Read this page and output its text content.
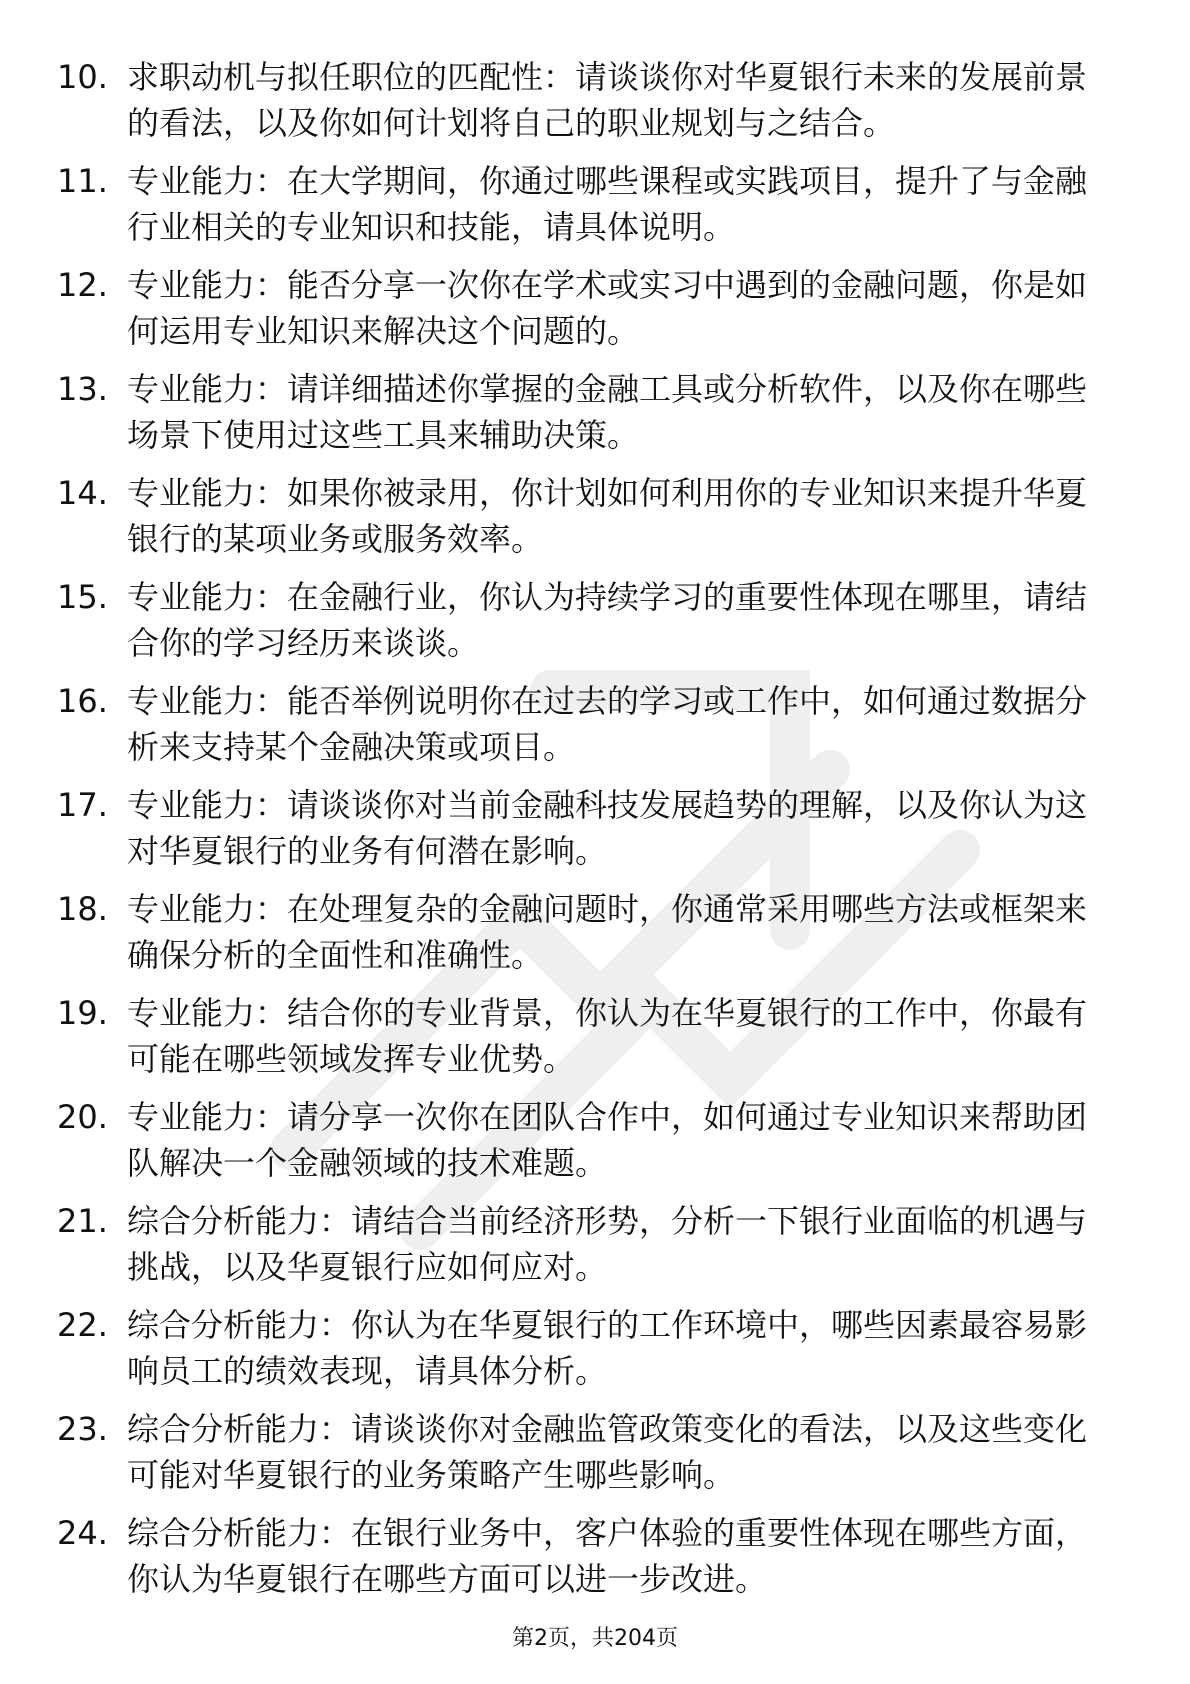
10. 求职动机与拟任职位的匹配性：请谈谈你对华夏银行未来的发展前景的看法，以及你如何计划将自己的职业规划与之结合。

11. 专业能力：在大学期间，你通过哪些课程或实践项目，提升了与金融行业相关的专业知识和技能，请具体说明。

12. 专业能力：能否分享一次你在学术或实习中遇到的金融问题，你是如何运用专业知识来解决这个问题的。

13. 专业能力：请详细描述你掌握的金融工具或分析软件，以及你在哪些场景下使用过这些工具来辅助决策。

14. 专业能力：如果你被录用，你计划如何利用你的专业知识来提升华夏银行的某项业务或服务效率。

15. 专业能力：在金融行业，你认为持续学习的重要性体现在哪里，请结合你的学习经历来谈谈。

16. 专业能力：能否举例说明你在过去的学习或工作中，如何通过数据分析来支持某个金融决策或项目。

17. 专业能力：请谈谈你对当前金融科技发展趋势的理解，以及你认为这对华夏银行的业务有何潜在影响。

18. 专业能力：在处理复杂的金融问题时，你通常采用哪些方法或框架来确保分析的全面性和准确性。

19. 专业能力：结合你的专业背景，你认为在华夏银行的工作中，你最有可能在哪些领域发挥专业优势。

20. 专业能力：请分享一次你在团队合作中，如何通过专业知识来帮助团队解决一个金融领域的技术难题。

21. 综合分析能力：请结合当前经济形势，分析一下银行业面临的机遇与挑战，以及华夏银行应如何应对。

22. 综合分析能力：你认为在华夏银行的工作环境中，哪些因素最容易影响员工的绩效表现，请具体分析。

23. 综合分析能力：请谈谈你对金融监管政策变化的看法，以及这些变化可能对华夏银行的业务策略产生哪些影响。

24. 综合分析能力：在银行业务中，客户体验的重要性体现在哪些方面，你认为华夏银行在哪些方面可以进一步改进。

第2页，共204页
